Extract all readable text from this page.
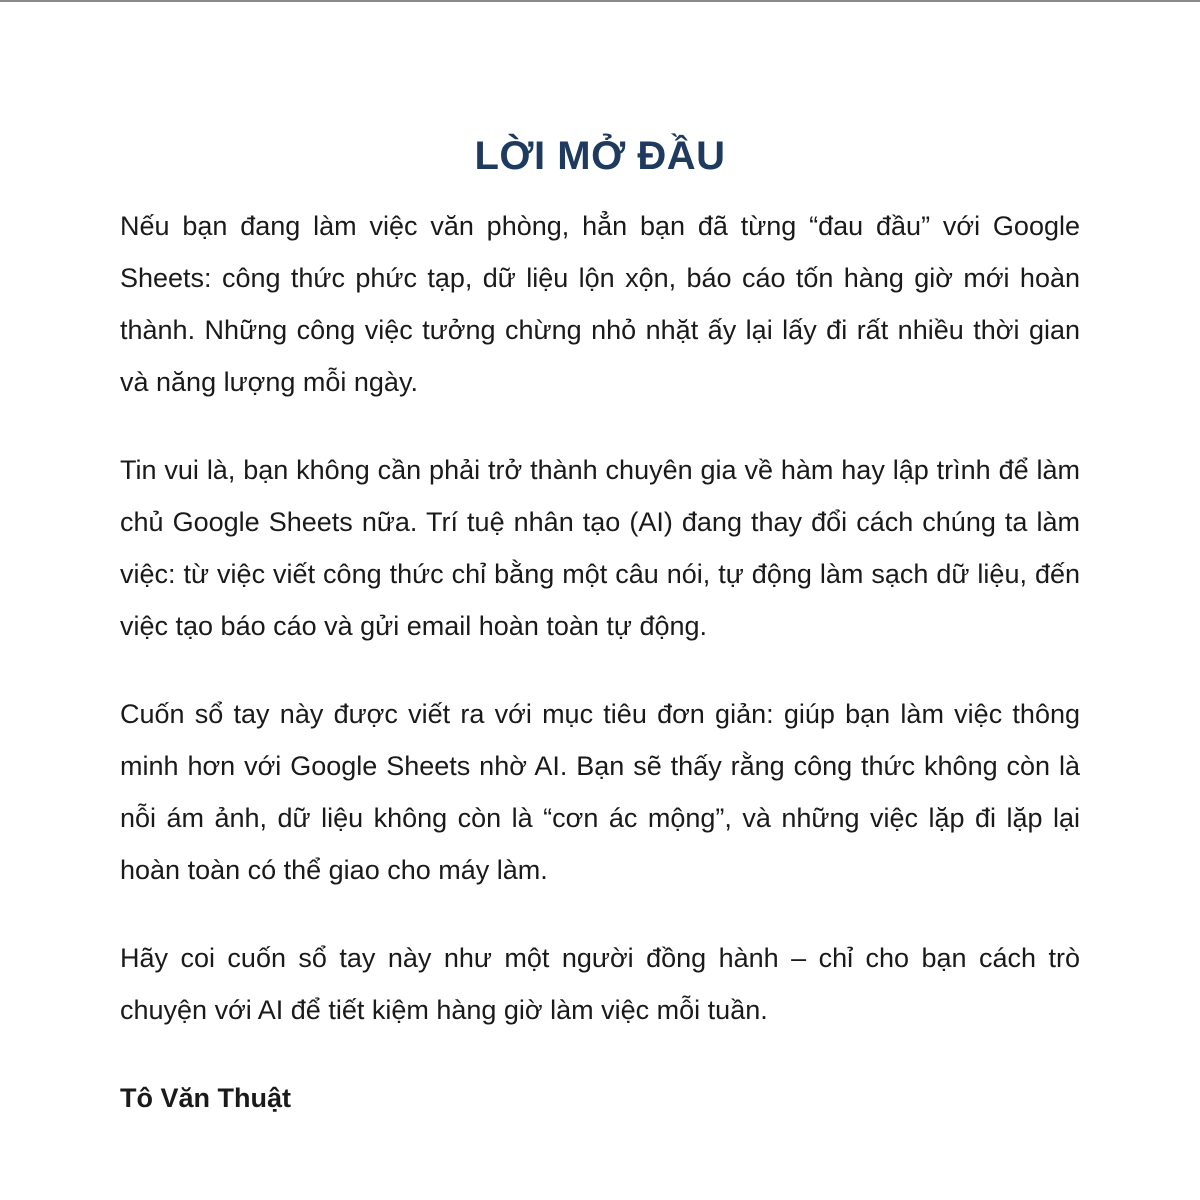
LỜI MỞ ĐẦU

Nếu bạn đang làm việc văn phòng, hẳn bạn đã từng “đau đầu” với Google Sheets: công thức phức tạp, dữ liệu lộn xộn, báo cáo tốn hàng giờ mới hoàn thành. Những công việc tưởng chừng nhỏ nhặt ấy lại lấy đi rất nhiều thời gian và năng lượng mỗi ngày.

Tin vui là, bạn không cần phải trở thành chuyên gia về hàm hay lập trình để làm chủ Google Sheets nữa. Trí tuệ nhân tạo (AI) đang thay đổi cách chúng ta làm việc: từ việc viết công thức chỉ bằng một câu nói, tự động làm sạch dữ liệu, đến việc tạo báo cáo và gửi email hoàn toàn tự động.

Cuốn sổ tay này được viết ra với mục tiêu đơn giản: giúp bạn làm việc thông minh hơn với Google Sheets nhờ AI. Bạn sẽ thấy rằng công thức không còn là nỗi ám ảnh, dữ liệu không còn là “cơn ác mộng”, và những việc lặp đi lặp lại hoàn toàn có thể giao cho máy làm.

Hãy coi cuốn sổ tay này như một người đồng hành – chỉ cho bạn cách trò chuyện với AI để tiết kiệm hàng giờ làm việc mỗi tuần.

Tô Văn Thuật
